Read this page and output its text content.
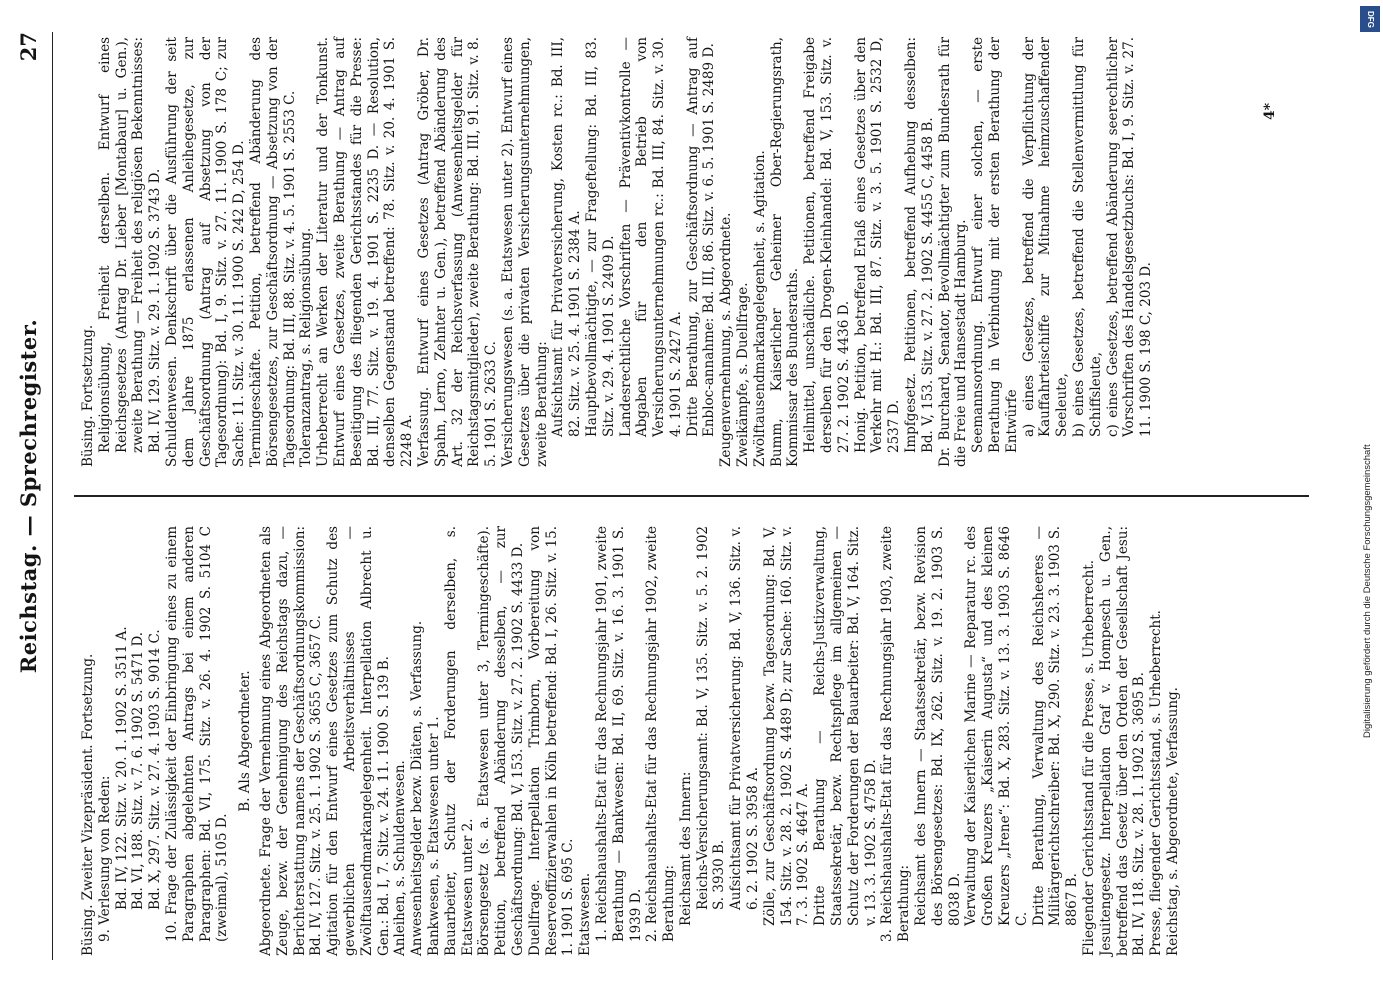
Reichstag. — Sprechregister.
27

Büsing. Zweiter Vizepräsident. Fortsetzung. 9. Verlesung von Reden: Bd. IV, 122. Sitz. v. 20. 1. 1902 S. 3511 A. Bd. VI, 188. Sitz. v. 7. 6. 1902 S. 5471 D. Bd. X, 297. Sitz. v. 27. 4. 1903 S. 9014 C. 10. Frage der Zulässigkeit der Einbringung eines zu einem Paragraphen abgelehnten Antrags bei einem anderen Paragraphen: Bd. VI, 175. Sitz. v. 26. 4. 1902 S. 5104 C (zweimal), 5105 D.

B. Als Abgeordneter. Abgeordnete. Frage der Vernehmung eines Abgeordneten als Zeuge, bezw. der Genehmigung des Reichstags dazu, — Berichterstattung namens der Geschäftsordnungskommission: Bd. IV, 127. Sitz. v. 25. 1. 1902 S. 3655 C, 3657 C. Agitation für den Entwurf eines Gesetzes zum Schutz des gewerblichen Arbeitsverhältnisses — Zwölftausendmarkangelegenheit. Interpellation Albrecht u. Gen.: Bd. I, 7. Sitz. v. 24. 11. 1900 S. 139 B. Anleihen, s. Schuldenwesen. Anwesenheitsgelder bezw. Diäten, s. Verfassung. Bankwesen, s. Etatswesen unter 1. Bauarbeiter, Schutz der Forderungen derselben, s. Etatswesen unter 2. Börsengesetz (s. a. Etatswesen unter 3, Termingeschäfte). Petition, betreffend Abänderung desselben, — zur Geschäftsordnung: Bd. V, 153. Sitz. v. 27. 2. 1902 S. 4433 D. Duellfrage. Interpellation Trimborn, Vorbereitung von Reserveoffizierwahlen in Köln betreffend: Bd. I, 26. Sitz. v. 15. 1. 1901 S. 695 C. Etatswesen. 1. Reichshaushalts-Etat für das Rechnungsjahr 1901, zweite Berathung — Bankwesen: Bd. II, 69. Sitz. v. 16. 3. 1901 S. 1939 D. 2. Reichshaushalts-Etat für das Rechnungsjahr 1902, zweite Berathung: Reichsamt des Innern: Reichs-Versicherungsamt: Bd. V, 135. Sitz. v. 5. 2. 1902 S. 3930 B. Aufsichtsamt für Privatversicherung: Bd. V, 136. Sitz. v. 6. 2. 1902 S. 3958 A. Zölle, zur Geschäftsordnung bezw. Tagesordnung: Bd. V, 154. Sitz. v. 28. 2. 1902 S. 4489 D; zur Sache: 160. Sitz. v. 7. 3. 1902 S. 4647 A. Dritte Berathung — Reichs-Justizverwaltung, Staatssekretär, bezw. Rechtspflege im allgemeinen — Schutz der Forderungen der Bauarbeiter: Bd. V, 164. Sitz. v. 13. 3. 1902 S. 4758 D. 3. Reichshaushalts-Etat für das Rechnungsjahr 1903, zweite Berathung: Reichsamt des Innern — Staatssekretär, bezw. Revision des Börsengesetzes: Bd. IX, 262. Sitz. v. 19. 2. 1903 S. 8038 D. Verwaltung der Kaiserlichen Marine — Reparatur rc. des Großen Kreuzers „Kaiserin Augusta“ und des kleinen Kreuzers „Irene“: Bd. X, 283. Sitz. v. 13. 3. 1903 S. 8646 C. Dritte Berathung, Verwaltung des Reichsheeres — Militärgerichtschreiber: Bd. X, 290. Sitz. v. 23. 3. 1903 S. 8867 B. Fliegender Gerichtsstand für die Presse, s. Urheberrecht. Jesuitengesetz. Interpellation Graf v. Hompesch u. Gen., betreffend das Gesetz über den Orden der Gesellschaft Jesu: Bd. IV, 118. Sitz. v. 28. 1. 1902 S. 3695 B. Presse, fliegender Gerichtsstand, s. Urheberrecht. Reichstag, s. Abgeordnete, Verfassung.

Büsing. Fortsetzung. Religionsübung, Freiheit derselben. Entwurf eines Reichsgesetzes (Antrag Dr. Lieber [Montabaur] u. Gen.), zweite Berathung — Freiheit des religiösen Bekenntnisses: Bd. IV, 129. Sitz. v. 29. 1. 1902 S. 3743 D. Schuldenwesen. Denkschrift über die Ausführung der seit dem Jahre 1875 erlassenen Anleihegesetze, zur Geschäftsordnung (Antrag auf Absetzung von der Tagesordnung): Bd. I, 9. Sitz. v. 27. 11. 1900 S. 178 C; zur Sache: 11. Sitz. v. 30. 11. 1900 S. 242 D, 254 D. Termingeschäfte. Petition, betreffend Abänderung des Börsengesetzes, zur Geschäftsordnung — Absetzung von der Tagesordnung: Bd. III, 88. Sitz. v. 4. 5. 1901 S. 2553 C. Toleranzantrag, s. Religionsübung. Urheberrecht an Werken der Literatur und der Tonkunst. Entwurf eines Gesetzes, zweite Berathung — Antrag auf Beseitigung des fliegenden Gerichtsstandes für die Presse: Bd. III, 77. Sitz. v. 19. 4. 1901 S. 2235 D. — Resolution, denselben Gegenstand betreffend: 78. Sitz. v. 20. 4. 1901 S. 2248 A. Verfassung. Entwurf eines Gesetzes (Antrag Gröber, Dr. Spahn, Lerno, Zehnter u. Gen.), betreffend Abänderung des Art. 32 der Reichsverfassung (Anwesenheitsgelder für Reichstagsmitglieder), zweite Berathung: Bd. III, 91. Sitz. v. 8. 5. 1901 S. 2633 C. Versicherungswesen (s. a. Etatswesen unter 2). Entwurf eines Gesetzes über die privaten Versicherungsunternehmungen, zweite Berathung: Aufsichtsamt für Privatversicherung, Kosten rc.: Bd. III, 82. Sitz. v. 25. 4. 1901 S. 2384 A. Hauptbevollmächtigte, — zur Frageftellung: Bd. III, 83. Sitz. v. 29. 4. 1901 S. 2409 D. Landesrechtliche Vorschriften — Präventivkontrolle — Abgaben für den Betrieb von Versicherungsunternehmungen rc.: Bd. III, 84. Sitz. v. 30. 4. 1901 S. 2427 A. Dritte Berathung, zur Geschäftsordnung — Antrag auf Enbloc-annahme: Bd. III, 86. Sitz. v. 6. 5. 1901 S. 2489 D. Zeugenvernehmung, s. Abgeordnete. Zweikämpfe, s. Duellfrage. Zwölftausendmarkangelegenheit, s. Agitation. Bumm, Kaiserlicher Geheimer Ober-Regierungsrath, Kommissar des Bundesraths. Heilmittel, unschädliche. Petitionen, betreffend Freigabe derselben für den Drogen-Kleinhandel: Bd. V, 153. Sitz. v. 27. 2. 1902 S. 4436 D. Honig. Petition, betreffend Erlaß eines Gesetzes über den Verkehr mit H.: Bd. III, 87. Sitz. v. 3. 5. 1901 S. 2532 D, 2537 D. Impfgesetz. Petitionen, betreffend Aufhebung desselben: Bd. V, 153. Sitz. v. 27. 2. 1902 S. 4455 C, 4458 B. Dr. Burchard, Senator, Bevollmächtigter zum Bundesrath für die Freie und Hansestadt Hamburg. Seemannsordnung. Entwurf einer solchen, — erste Berathung in Verbindung mit der ersten Berathung der Entwürfe a) eines Gesetzes, betreffend die Verpflichtung der Kauffahrteischiffe zur Mitnahme heimzuschaffender Seeleute, b) eines Gesetzes, betreffend die Stellenvermittlung für Schiffsleute, c) eines Gesetzes, betreffend Abänderung seerechtlicher Vorschriften des Handelsgesetzbuchs: Bd. I, 9. Sitz. v. 27. 11. 1900 S. 198 C, 203 D.

4*
DFG
Digitalisierung gefördert durch die Deutsche Forschungsgemeinschaft
